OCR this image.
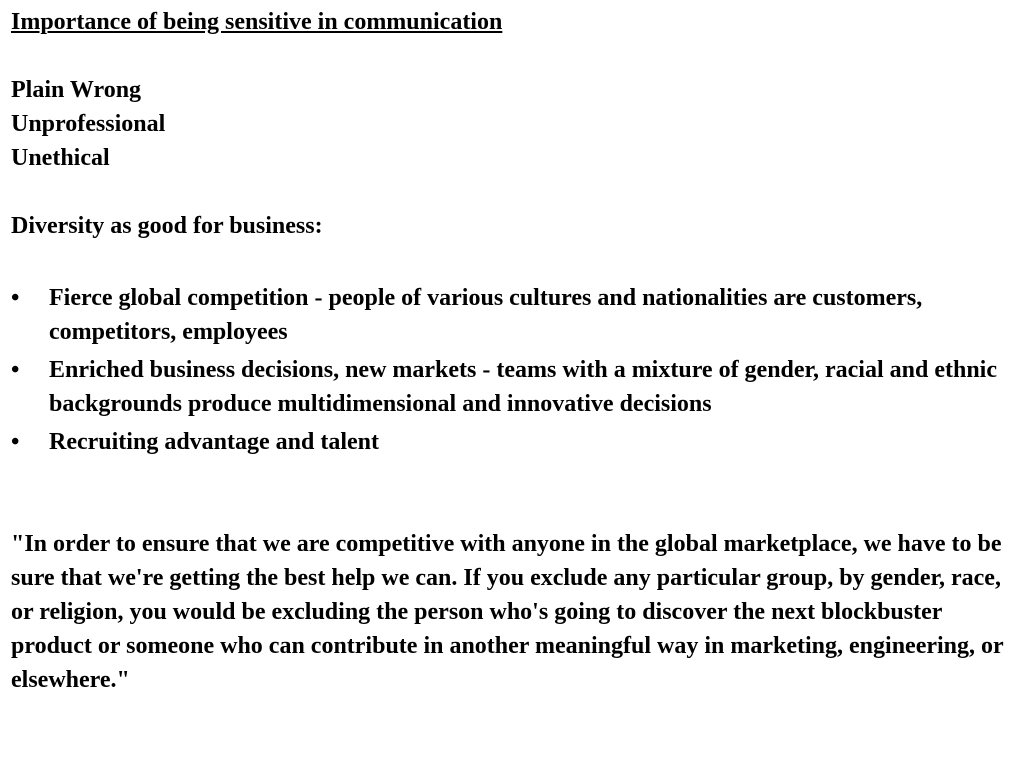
Importance of being sensitive in communication
Plain Wrong
Unprofessional
Unethical
Diversity as good for business:
•	Fierce global competition - people of various cultures and nationalities are customers, competitors, employees
•	Enriched business decisions, new markets - teams with a mixture of gender, racial and ethnic backgrounds produce multidimensional and innovative decisions
•	Recruiting advantage and talent
"In order to ensure that we are competitive with anyone in the global marketplace, we have to be sure that we're getting the best help we can. If you exclude any particular group, by gender, race, or religion, you would be excluding the person who's going to discover the next blockbuster product or someone who can contribute in another meaningful way in marketing, engineering, or elsewhere."
